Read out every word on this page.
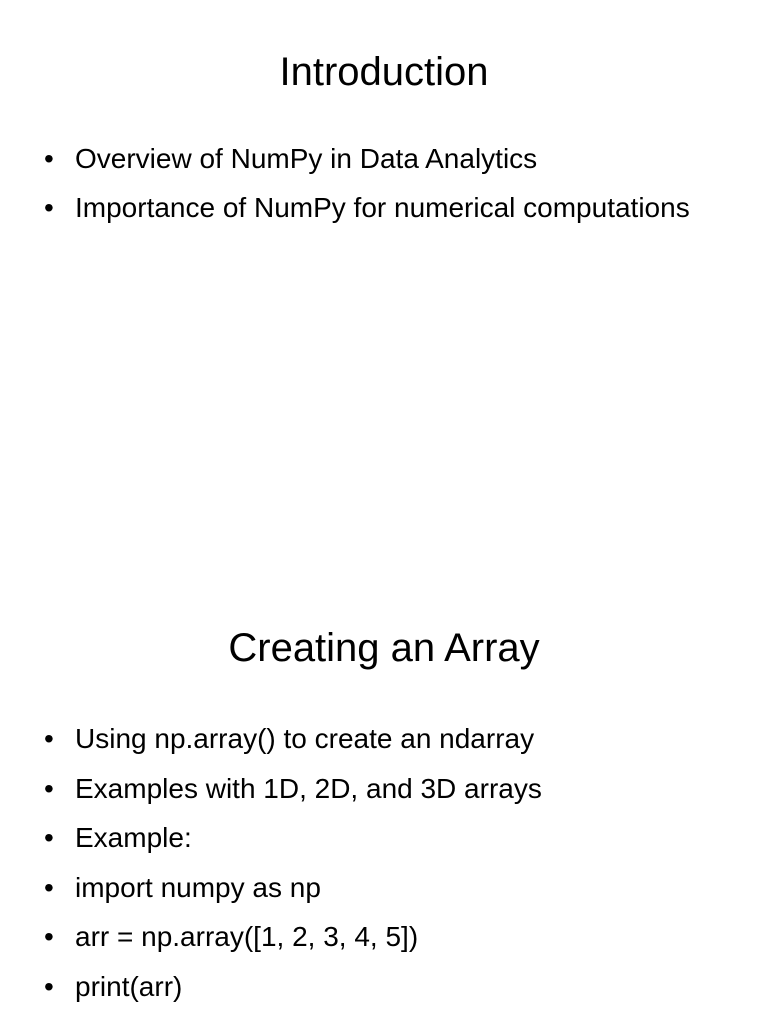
Introduction
• Overview of NumPy in Data Analytics
• Importance of NumPy for numerical computations
Creating an Array
• Using np.array() to create an ndarray
• Examples with 1D, 2D, and 3D arrays
• Example:
• import numpy as np
• arr = np.array([1, 2, 3, 4, 5])
• print(arr)
